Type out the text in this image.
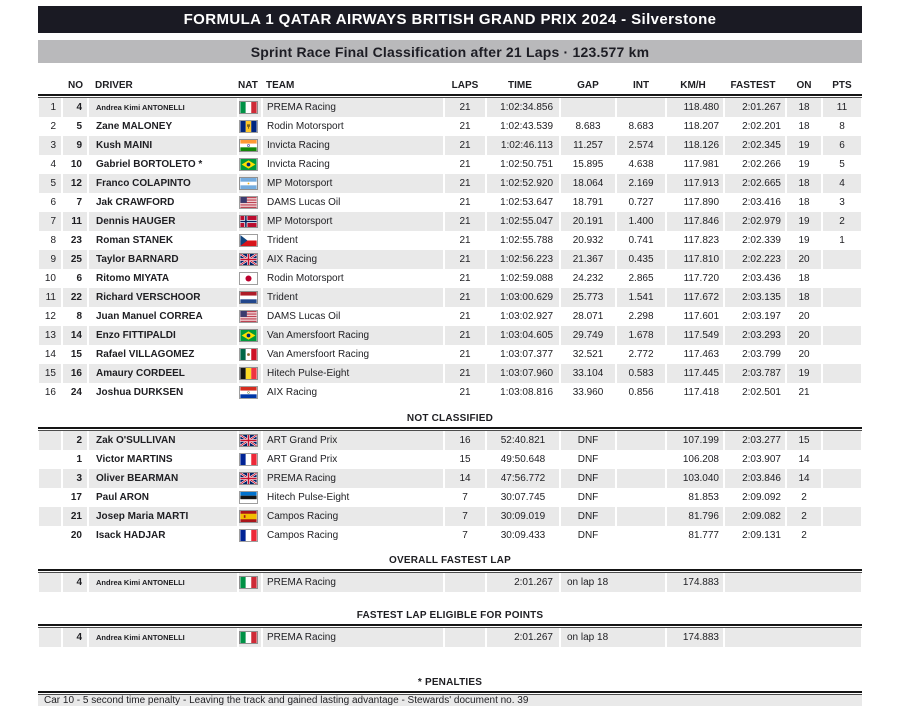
FORMULA 1 QATAR AIRWAYS BRITISH GRAND PRIX 2024 - Silverstone
Sprint Race Final Classification after 21 Laps · 123.577 km
	NO	DRIVER	NAT	TEAM	LAPS	TIME	GAP	INT	KM/H	FASTEST	ON	PTS

1	4	Andrea Kimi ANTONELLI		PREMA Racing	21	1:02:34.856			118.480	2:01.267	18	11
2	5	Zane MALONEY		Rodin Motorsport	21	1:02:43.539	8.683	8.683	118.207	2:02.201	18	8
3	9	Kush MAINI		Invicta Racing	21	1:02:46.113	11.257	2.574	118.126	2:02.345	19	6
4	10	Gabriel BORTOLETO *		Invicta Racing	21	1:02:50.751	15.895	4.638	117.981	2:02.266	19	5
5	12	Franco COLAPINTO		MP Motorsport	21	1:02:52.920	18.064	2.169	117.913	2:02.665	18	4
6	7	Jak CRAWFORD		DAMS Lucas Oil	21	1:02:53.647	18.791	0.727	117.890	2:03.416	18	3
7	11	Dennis HAUGER		MP Motorsport	21	1:02:55.047	20.191	1.400	117.846	2:02.979	19	2
8	23	Roman STANEK		Trident	21	1:02:55.788	20.932	0.741	117.823	2:02.339	19	1
9	25	Taylor BARNARD		AIX Racing	21	1:02:56.223	21.367	0.435	117.810	2:02.223	20	
10	6	Ritomo MIYATA		Rodin Motorsport	21	1:02:59.088	24.232	2.865	117.720	2:03.436	18	
11	22	Richard VERSCHOOR		Trident	21	1:03:00.629	25.773	1.541	117.672	2:03.135	18	
12	8	Juan Manuel CORREA		DAMS Lucas Oil	21	1:03:02.927	28.071	2.298	117.601	2:03.197	20	
13	14	Enzo FITTIPALDI		Van Amersfoort Racing	21	1:03:04.605	29.749	1.678	117.549	2:03.293	20	
14	15	Rafael VILLAGOMEZ		Van Amersfoort Racing	21	1:03:07.377	32.521	2.772	117.463	2:03.799	20	
15	16	Amaury CORDEEL		Hitech Pulse-Eight	21	1:03:07.960	33.104	0.583	117.445	2:03.787	19	
16	24	Joshua DURKSEN		AIX Racing	21	1:03:08.816	33.960	0.856	117.418	2:02.501	21	

NOT CLASSIFIED												

	2	Zak O'SULLIVAN		ART Grand Prix	16	52:40.821	DNF		107.199	2:03.277	15	
	1	Victor MARTINS		ART Grand Prix	15	49:50.648	DNF		106.208	2:03.907	14	
	3	Oliver BEARMAN		PREMA Racing	14	47:56.772	DNF		103.040	2:03.846	14	
	17	Paul ARON		Hitech Pulse-Eight	7	30:07.745	DNF		81.853	2:09.092	2	
	21	Josep Maria MARTI		Campos Racing	7	30:09.019	DNF		81.796	2:09.082	2	
	20	Isack HADJAR		Campos Racing	7	30:09.433	DNF		81.777	2:09.131	2	

OVERALL FASTEST LAP												

	4	Andrea Kimi ANTONELLI		PREMA Racing		2:01.267	on lap 18		174.883			

FASTEST LAP ELIGIBLE FOR POINTS												

	4	Andrea Kimi ANTONELLI		PREMA Racing		2:01.267	on lap 18		174.883			

* PENALTIES												

Car 10 - 5 second time penalty - Leaving the track and gained lasting advantage - Stewards' document no. 39												
